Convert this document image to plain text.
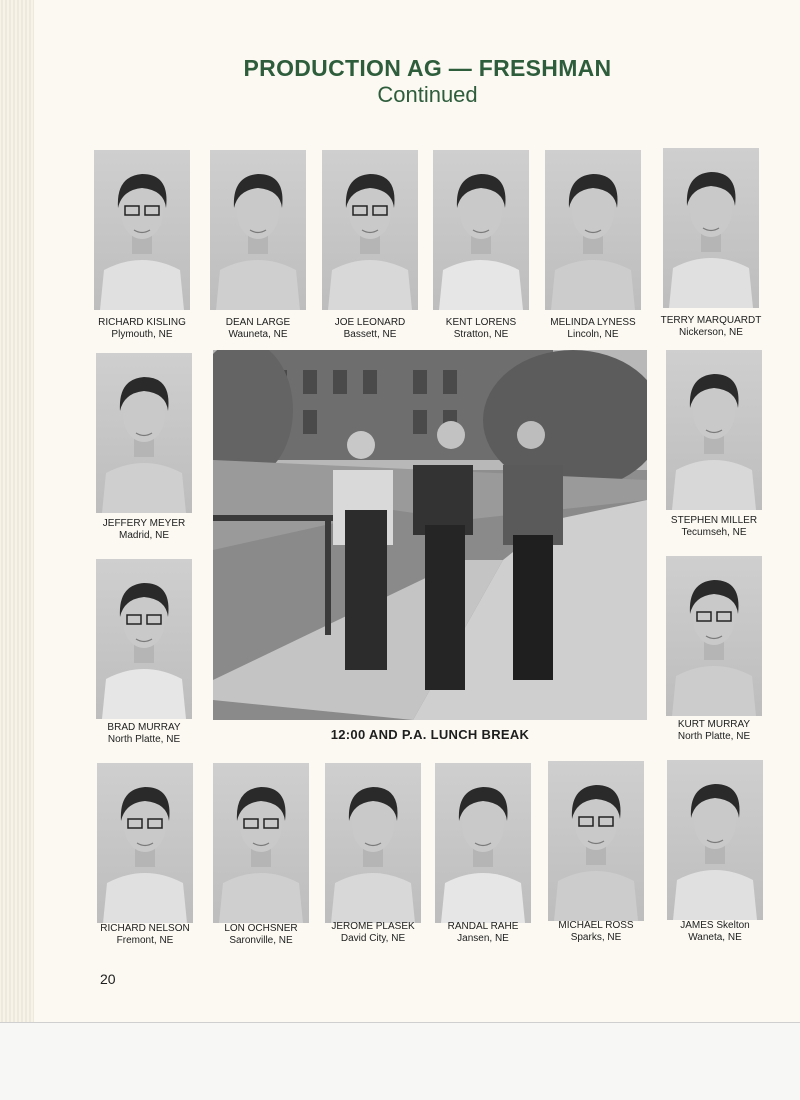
PRODUCTION AG — FRESHMAN
Continued
RICHARD KISLING
Plymouth, NE
DEAN LARGE
Wauneta, NE
JOE LEONARD
Bassett, NE
KENT LORENS
Stratton, NE
MELINDA LYNESS
Lincoln, NE
TERRY MARQUARDT
Nickerson, NE
JEFFERY MEYER
Madrid, NE
STEPHEN MILLER
Tecumseh, NE
BRAD MURRAY
North Platte, NE
KURT MURRAY
North Platte, NE
12:00 AND P.A. LUNCH BREAK
RICHARD NELSON
Fremont, NE
LON OCHSNER
Saronville, NE
JEROME PLASEK
David City, NE
RANDAL RAHE
Jansen, NE
MICHAEL ROSS
Sparks, NE
JAMES Skelton
Waneta, NE
20
